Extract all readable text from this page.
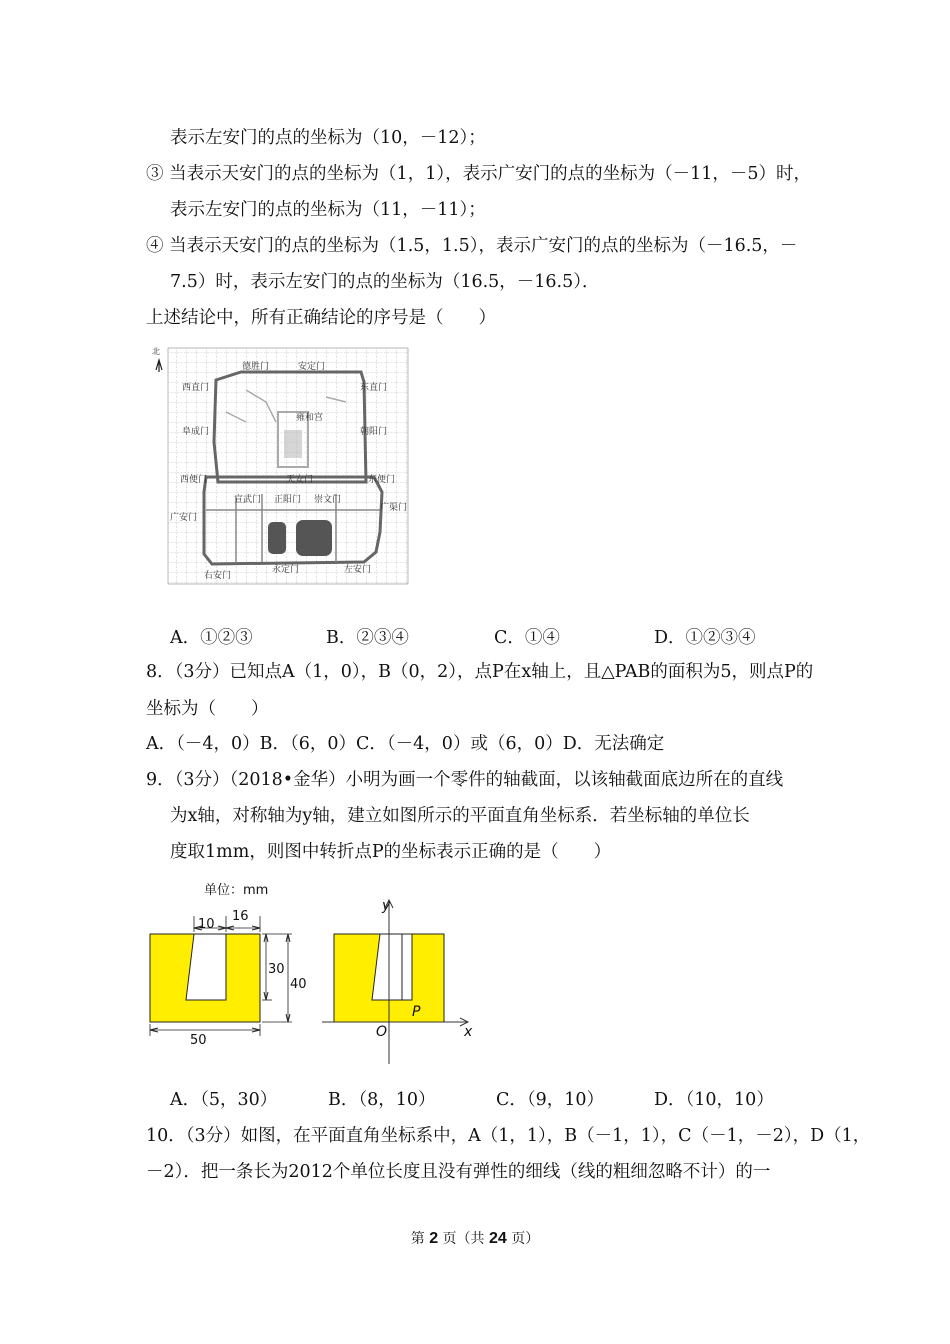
表示左安门的点的坐标为（10，－12）；
③ 当表示天安门的点的坐标为（1，1），表示广安门的点的坐标为（－11，－5）时，
表示左安门的点的坐标为（11，－11）；
④ 当表示天安门的点的坐标为（1.5，1.5），表示广安门的点的坐标为（－16.5，－
7.5）时，表示左安门的点的坐标为（16.5，－16.5）．
上述结论中，所有正确结论的序号是（　　）
北
德胜门	安定门
西直门	东直门
雍和宫
阜成门	朝阳门
西便门	天安门	东便门
广安门
宣武门 正阳门 崇文门
广渠门
右安门
永定门	左安门
A．①②③	B．②③④	C．①④	D．①②③④
8．（3分）已知点A（1，0），B（0，2），点P在x轴上，且△PAB的面积为5，则点P的
坐标为（　　）
A．（－4，0）B．（6，0）C．（－4，0）或（6，0）D．无法确定
9．（3分）（2018•金华）小明为画一个零件的轴截面，以该轴截面底边所在的直线
为x轴，对称轴为y轴，建立如图所示的平面直角坐标系．若坐标轴的单位长
度取1mm，则图中转折点P的坐标表示正确的是（　　）
单位：mm
10
16
30
40
50
y
x
O
P
A．（5，30）	B．（8，10）	C．（9，10）	D．（10，10）
10．（3分）如图，在平面直角坐标系中，A（1，1），B（－1，1），C（－1，－2），D（1，
－2）．把一条长为2012个单位长度且没有弹性的细线（线的粗细忽略不计）的一
第 2 页（共 24 页）
